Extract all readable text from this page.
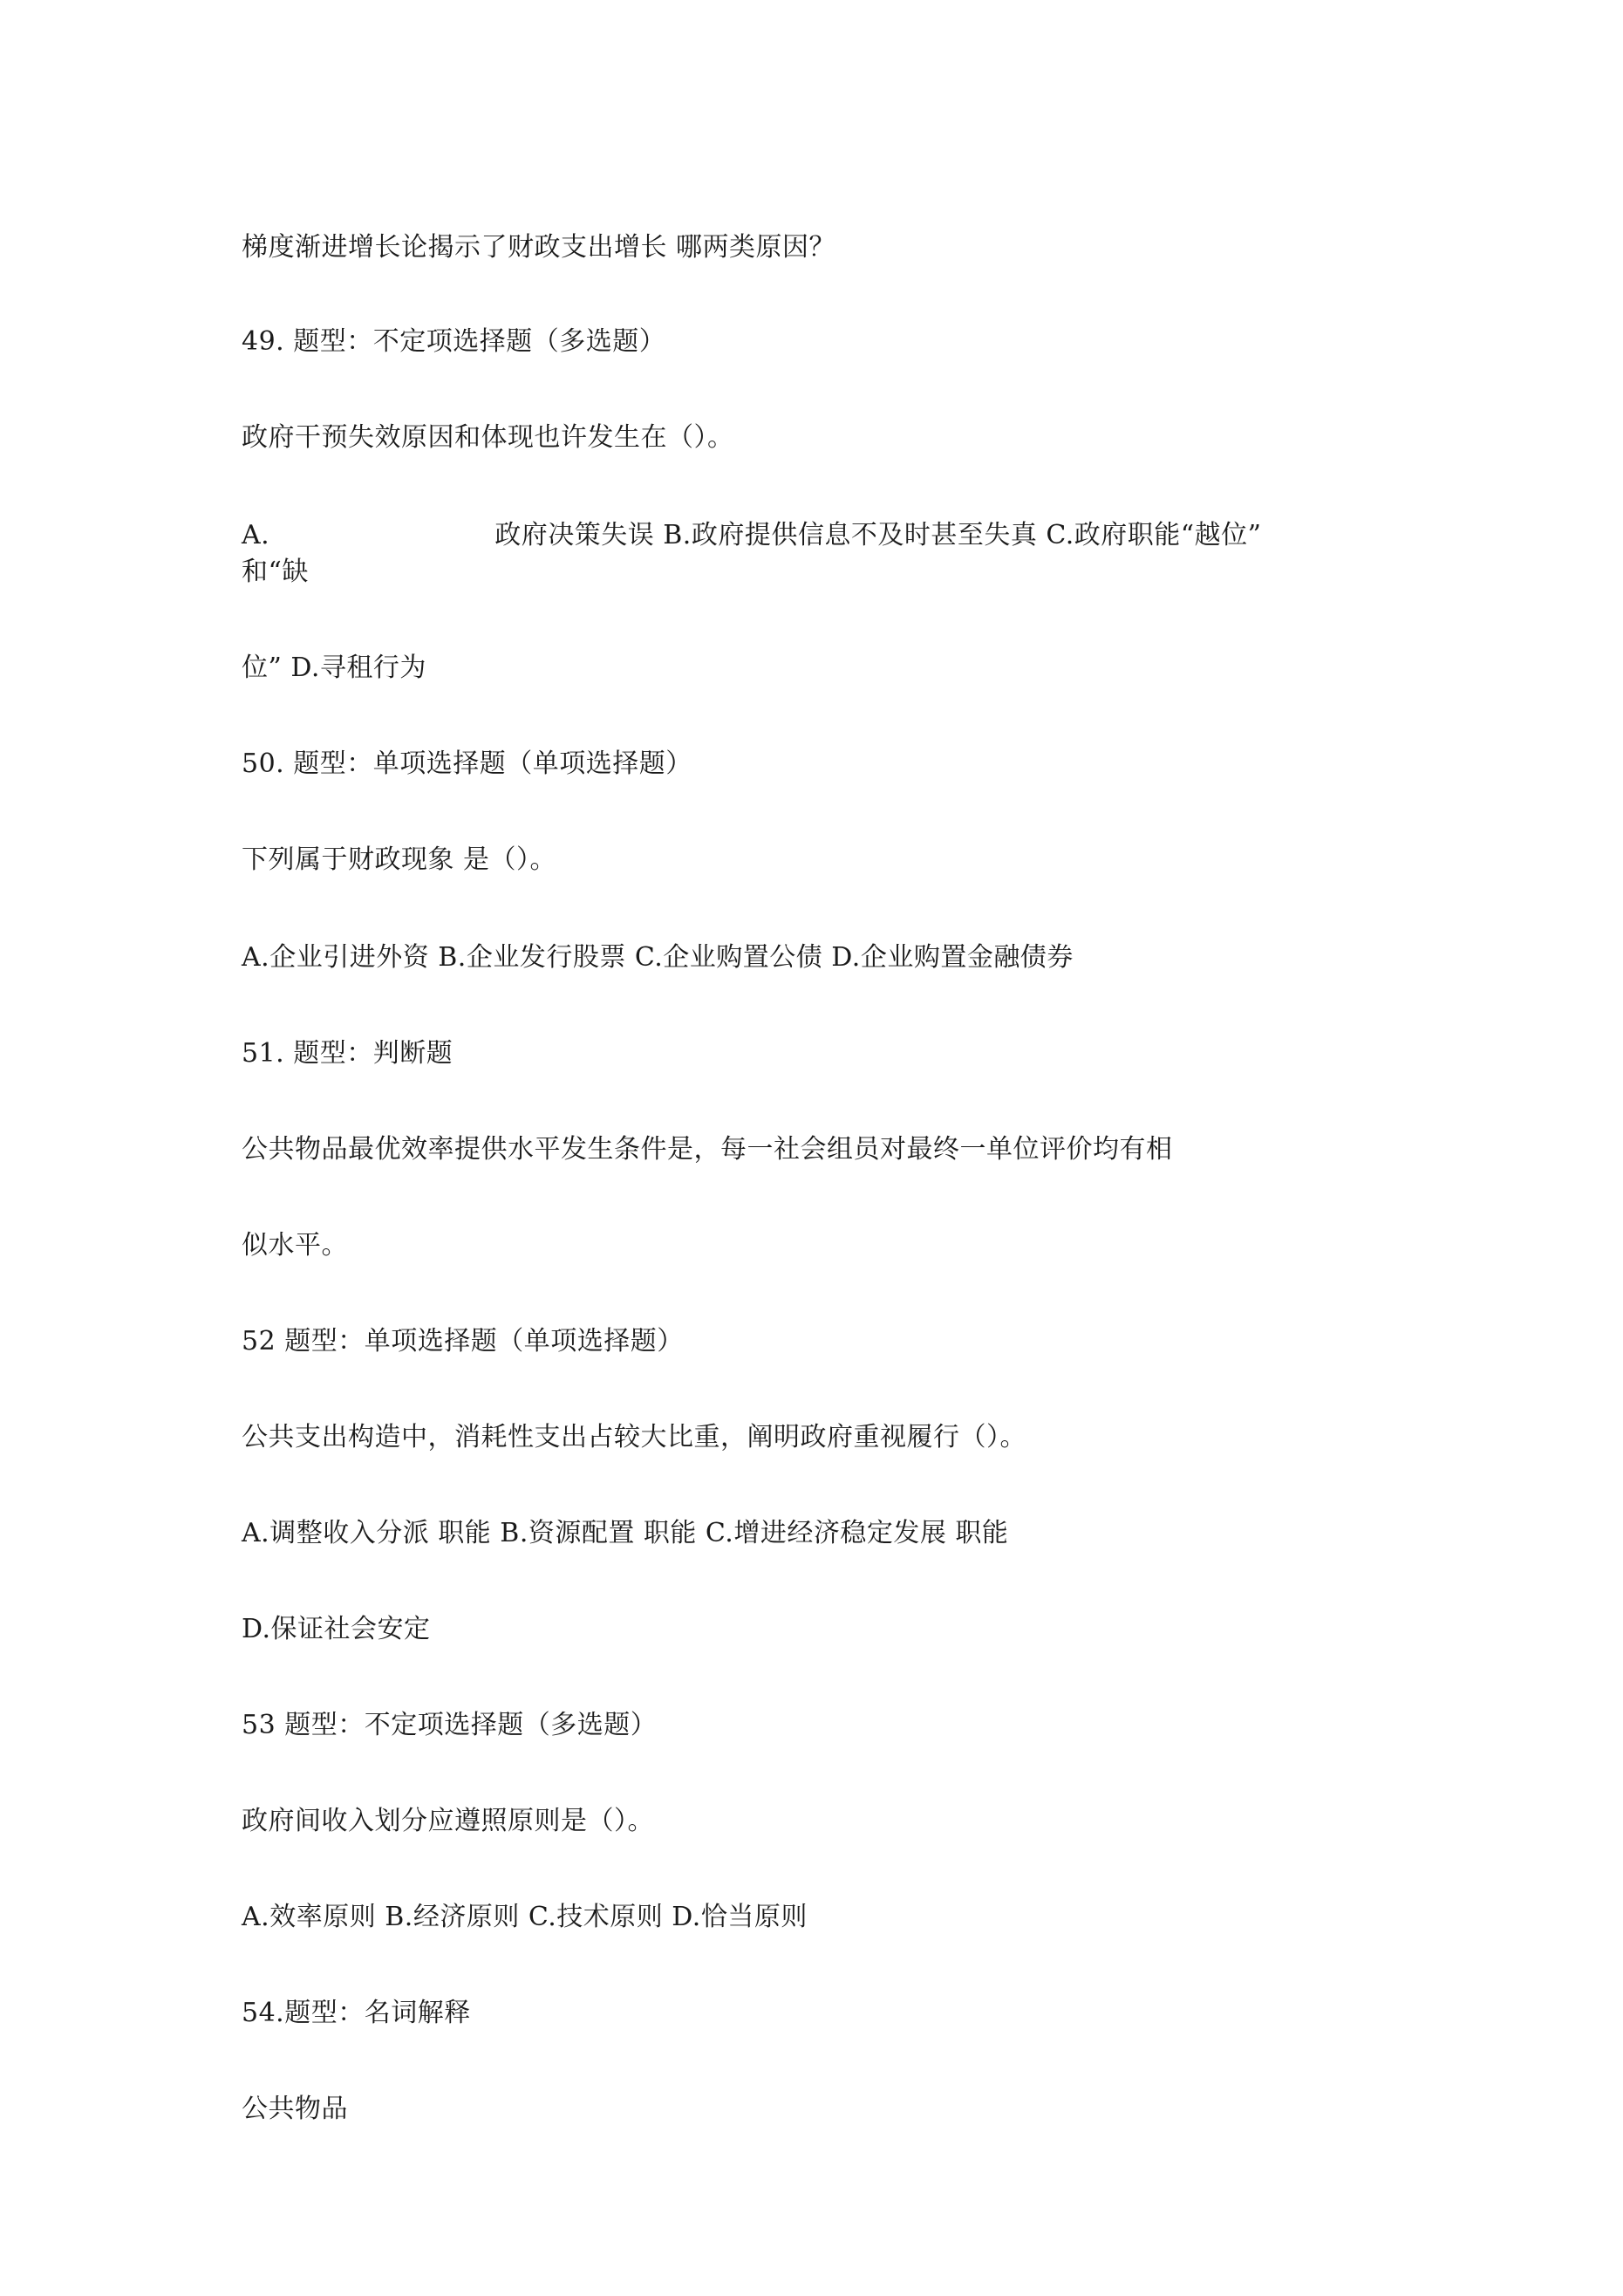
梯度渐进增长论揭示了财政支出增长 哪两类原因？
49. 题型：不定项选择题（多选题）
政府干预失效原因和体现也许发生在（）。
A.	政府决策失误 B.政府提供信息不及时甚至失真 C.政府职能“越位”
和“缺
位” D.寻租行为
50. 题型：单项选择题（单项选择题）
下列属于财政现象 是（）。
A.企业引进外资 B.企业发行股票 C.企业购置公债 D.企业购置金融债券
51. 题型：判断题
公共物品最优效率提供水平发生条件是，每一社会组员对最终一单位评价均有相
似水平。
52 题型：单项选择题（单项选择题）
公共支出构造中，消耗性支出占较大比重，阐明政府重视履行（）。
A.调整收入分派 职能 B.资源配置 职能 C.增进经济稳定发展 职能
D.保证社会安定
53 题型：不定项选择题（多选题）
政府间收入划分应遵照原则是（）。
A.效率原则 B.经济原则 C.技术原则 D.恰当原则
54.题型：名词解释
公共物品
